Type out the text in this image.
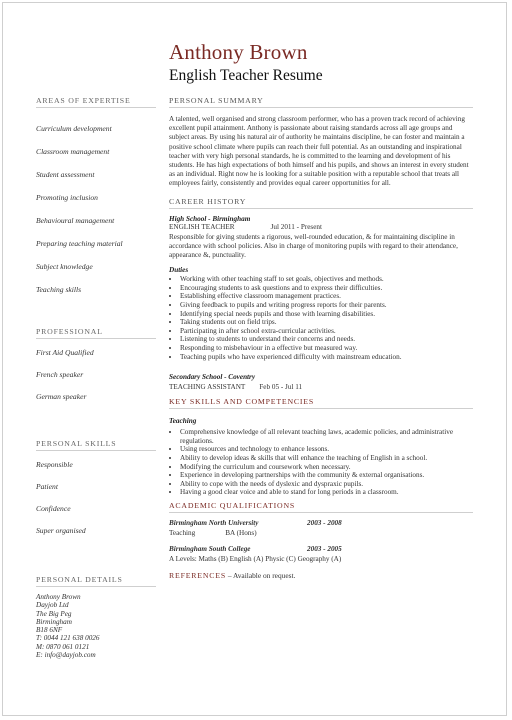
Anthony Brown
English Teacher Resume
AREAS OF EXPERTISE
Curriculum development
Classroom management
Student assessment
Promoting inclusion
Behavioural management
Preparing teaching material
Subject knowledge
Teaching skills
PROFESSIONAL
First Aid Qualified
French speaker
German speaker
PERSONAL SKILLS
Responsible
Patient
Confidence
Super organised
PERSONAL DETAILS
Anthony Brown
Dayjob Ltd
The Big Peg
Birmingham
B18 6NF
T: 0044 121 638 0026
M: 0870 061 0121
E: info@dayjob.com
PERSONAL SUMMARY

A talented, well organised and strong classroom performer, who has a proven track record of achieving excellent pupil attainment. Anthony is passionate about raising standards across all age groups and subject areas. By using his natural air of authority he maintains discipline, he can foster and maintain a positive school climate where pupils can reach their full potential. As an outstanding and inspirational teacher with very high personal standards, he is committed to the learning and development of his students. He has high expectations of both himself and his pupils, and shows an interest in every student as an individual. Right now he is looking for a suitable position with a reputable school that treats all employees fairly, consistently and provides equal career opportunities for all.

CAREER HISTORY
High School - Birmingham
ENGLISH TEACHER	Jul 2011 - Present

Responsible for giving students a rigorous, well-rounded education, & for maintaining discipline in accordance with school policies. Also in charge of monitoring pupils with regard to their attendance, appearance &, punctuality.

Duties
• Working with other teaching staff to set goals, objectives and methods.
• Encouraging students to ask questions and to express their difficulties.
• Establishing effective classroom management practices.
• Giving feedback to pupils and writing progress reports for their parents.
• Identifying special needs pupils and those with learning disabilities.
• Taking students out on field trips.
• Participating in after school extra-curricular activities.
• Listening to students to understand their concerns and needs.
• Responding to misbehaviour in a effective but measured way.
• Teaching pupils who have experienced difficulty with mainstream education.
Secondary School - Coventry
TEACHING ASSISTANT Feb 05 - Jul 11
KEY SKILLS AND COMPETENCIES
Teaching
• Comprehensive knowledge of all relevant teaching laws, academic policies, and administrative regulations.
• Using resources and technology to enhance lessons.
• Ability to develop ideas & skills that will enhance the teaching of English in a school.
• Modifying the curriculum and coursework when necessary.
• Experience in developing partnerships with the community & external organisations.
• Ability to cope with the needs of dyslexic and dyspraxic pupils.
• Having a good clear voice and able to stand for long periods in a classroom.
ACADEMIC QUALIFICATIONS
Birmingham North University	2003 - 2008
Teaching	BA (Hons)
Birmingham South College	2003 - 2005
A Levels: Maths (B) English (A) Physic (C) Geography (A)
REFERENCES – Available on request.
